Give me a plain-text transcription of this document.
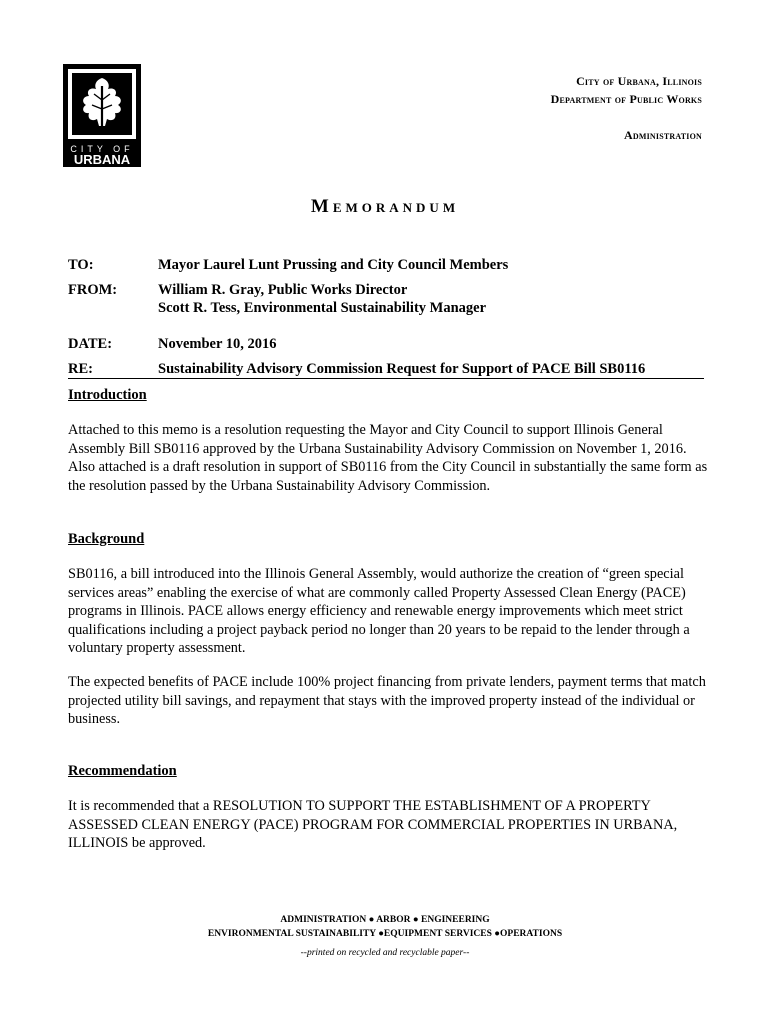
CITY OF
URBANA
City of Urbana, Illinois
Department of Public Works
Administration
Memorandum
TO:	Mayor Laurel Lunt Prussing and City Council Members
FROM:	William R. Gray, Public Works Director
Scott R. Tess, Environmental Sustainability Manager
DATE:	November 10, 2016
RE:	Sustainability Advisory Commission Request for Support of PACE Bill SB0116
Introduction
Attached to this memo is a resolution requesting the Mayor and City Council to support Illinois General Assembly Bill SB0116 approved by the Urbana Sustainability Advisory Commission on November 1, 2016. Also attached is a draft resolution in support of SB0116 from the City Council in substantially the same form as the resolution passed by the Urbana Sustainability Advisory Commission.
Background
SB0116, a bill introduced into the Illinois General Assembly, would authorize the creation of “green special services areas” enabling the exercise of what are commonly called Property Assessed Clean Energy (PACE) programs in Illinois. PACE allows energy efficiency and renewable energy improvements which meet strict qualifications including a project payback period no longer than 20 years to be repaid to the lender through a voluntary property assessment.
The expected benefits of PACE include 100% project financing from private lenders, payment terms that match projected utility bill savings, and repayment that stays with the improved property instead of the individual or business.
Recommendation
It is recommended that a RESOLUTION TO SUPPORT THE ESTABLISHMENT OF A PROPERTY ASSESSED CLEAN ENERGY (PACE) PROGRAM FOR COMMERCIAL PROPERTIES IN URBANA, ILLINOIS be approved.
ADMINISTRATION ● ARBOR ● ENGINEERING
ENVIRONMENTAL SUSTAINABILITY ●EQUIPMENT SERVICES ●OPERATIONS
--printed on recycled and recyclable paper--
